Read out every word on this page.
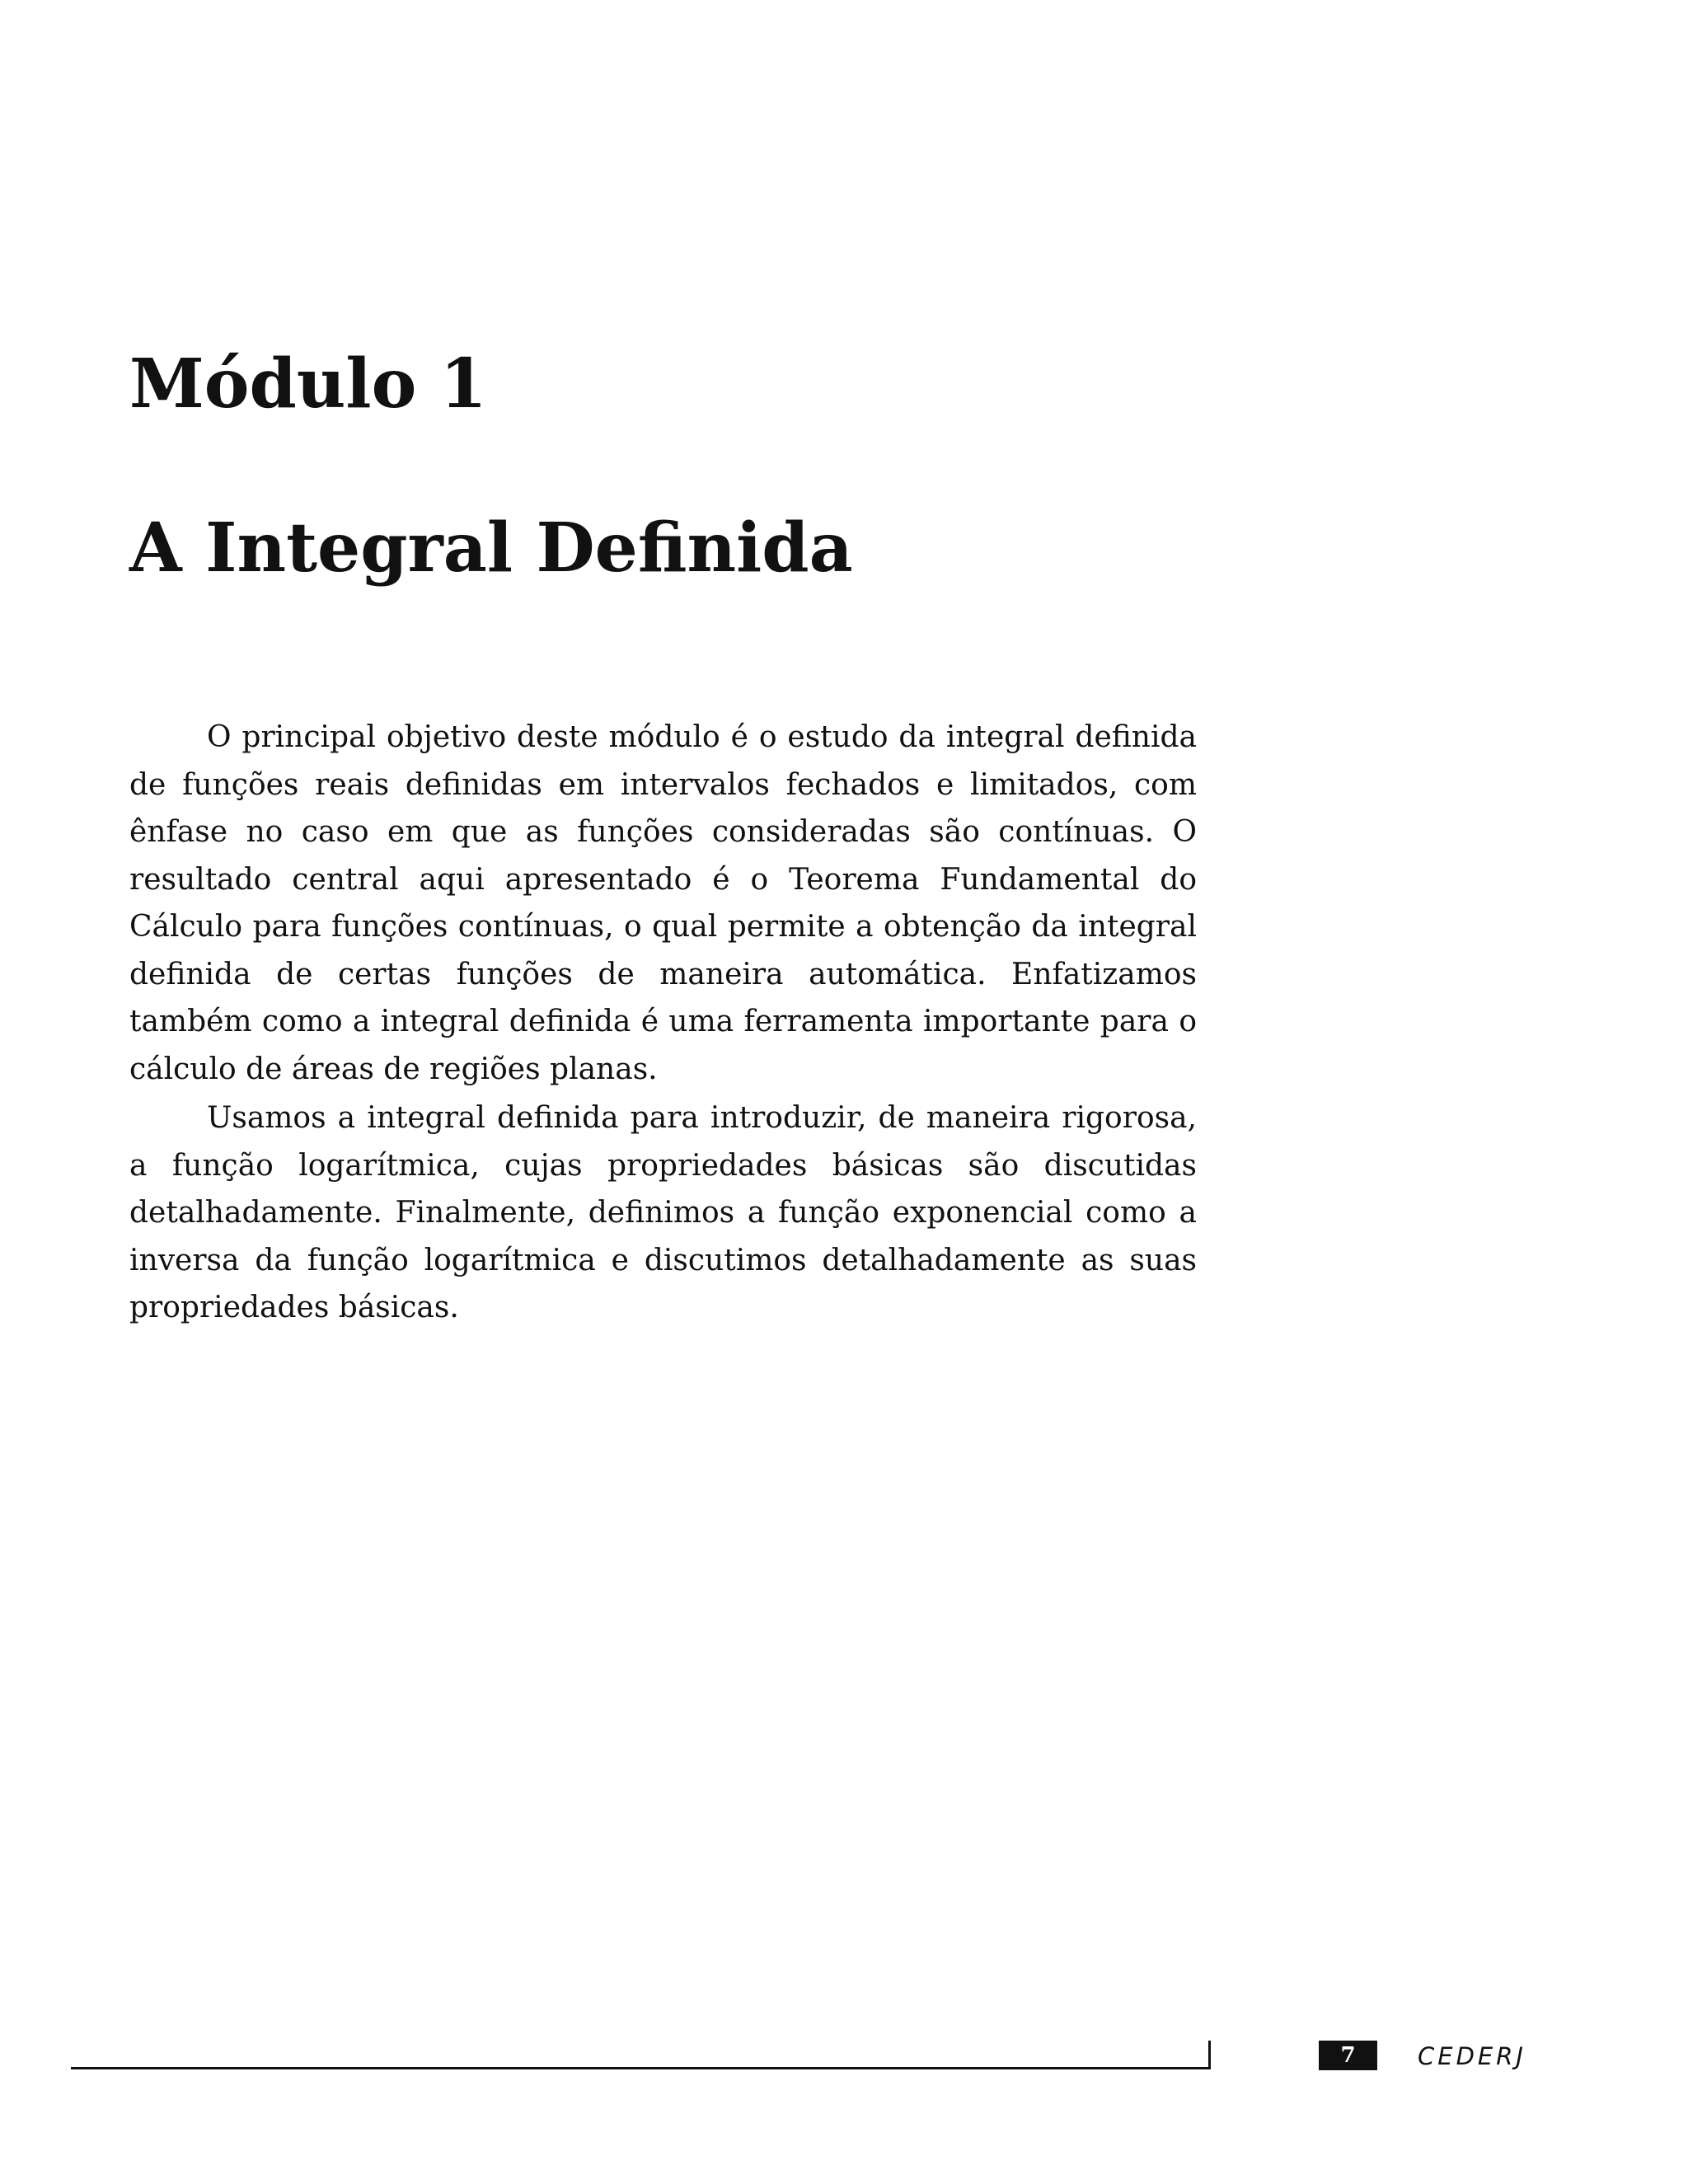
Módulo 1
A Integral Definida

O principal objetivo deste módulo é o estudo da integral definida de funções reais definidas em intervalos fechados e limitados, com ênfase no caso em que as funções consideradas são contínuas. O resultado central aqui apresentado é o Teorema Fundamental do Cálculo para funções contínuas, o qual permite a obtenção da integral definida de certas funções de maneira automática. Enfatizamos também como a integral definida é uma ferramenta importante para o cálculo de áreas de regiões planas.

Usamos a integral definida para introduzir, de maneira rigorosa, a função logarítmica, cujas propriedades básicas são discutidas detalhadamente. Finalmente, definimos a função exponencial como a inversa da função logarítmica e discutimos detalhadamente as suas propriedades básicas.

7	CEDERJ
